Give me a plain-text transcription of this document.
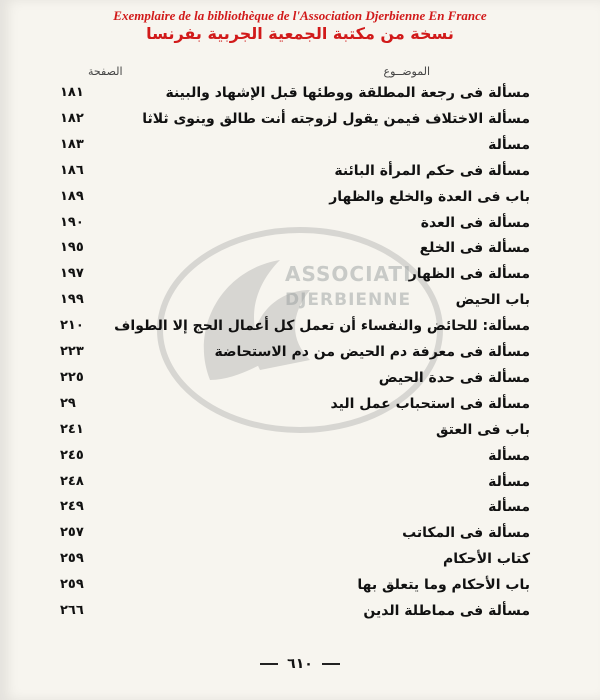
Exemplaire de la bibliothèque de l'Association Djerbienne En France
نسخة من مكتبة الجمعية الجربية بفرنسا
ASSOCIATI
DJERBIENNE
الموضــوع
الصفحة
١٨١	مسألة فى رجعة المطلقة ووطئها قبل الإشهاد والبينة
١٨٢	مسألة الاختلاف فيمن يقول لزوجته أنت طالق وينوى ثلاثا
١٨٣	مسألة
١٨٦	مسألة فى حكم المرأة البائنة
١٨٩	باب فى العدة والخلع والظهار
١٩٠	مسألة فى العدة
١٩٥	مسألة فى الخلع
١٩٧	مسألة فى الظهار
١٩٩	باب الحيض
٢١٠ مسألة: للحائض والنفساء أن تعمل كل أعمال الحج إلا الطواف
٢٢٣	مسألة فى معرفة دم الحيض من دم الاستحاضة
٢٢٥	مسألة فى حدة الحيض
٢٩	مسألة فى استحباب عمل اليد
٢٤١	باب فى العتق
٢٤٥	مسألة
٢٤٨	مسألة
٢٤٩	مسألة
٢٥٧	مسألة فى المكاتب
٢٥٩	كتاب الأحكام
٢٥٩	باب الأحكام وما يتعلق بها
٢٦٦	مسألة فى مماطلة الدين
٦١٠
